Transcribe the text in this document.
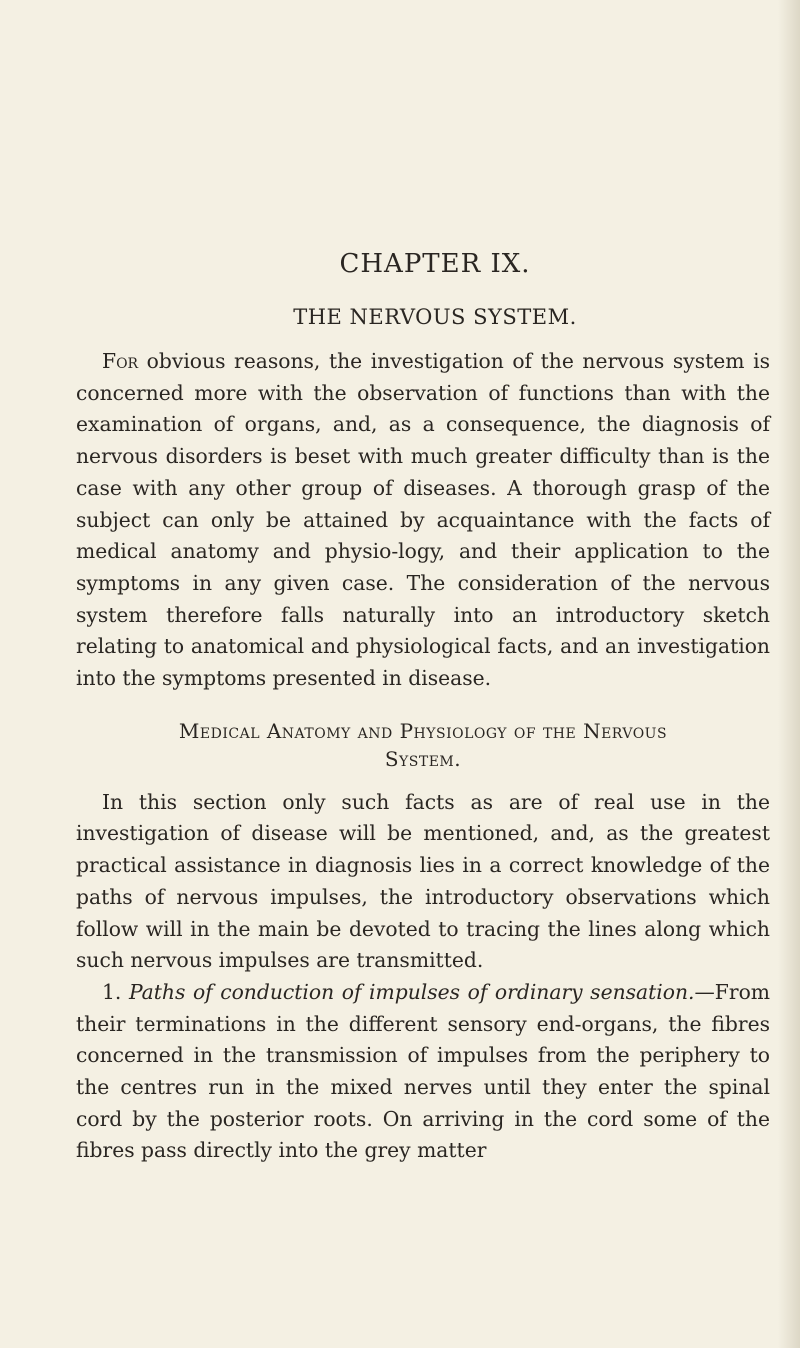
CHAPTER IX.
THE NERVOUS SYSTEM.

For obvious reasons, the investigation of the nervous system is concerned more with the observation of functions than with the examination of organs, and, as a consequence, the diagnosis of nervous disorders is beset with much greater difficulty than is the case with any other group of diseases. A thorough grasp of the subject can only be attained by acquaintance with the facts of medical anatomy and physio-logy, and their application to the symptoms in any given case. The consideration of the nervous system therefore falls naturally into an introductory sketch relating to anatomical and physiological facts, and an investigation into the symptoms presented in disease.

Medical Anatomy and Physiology of the Nervous
System.

In this section only such facts as are of real use in the investigation of disease will be mentioned, and, as the greatest practical assistance in diagnosis lies in a correct knowledge of the paths of nervous impulses, the introductory observations which follow will in the main be devoted to tracing the lines along which such nervous impulses are transmitted.

1. Paths of conduction of impulses of ordinary sensation.—From their terminations in the different sensory end-organs, the fibres concerned in the transmission of impulses from the periphery to the centres run in the mixed nerves until they enter the spinal cord by the posterior roots. On arriving in the cord some of the fibres pass directly into the grey matter
